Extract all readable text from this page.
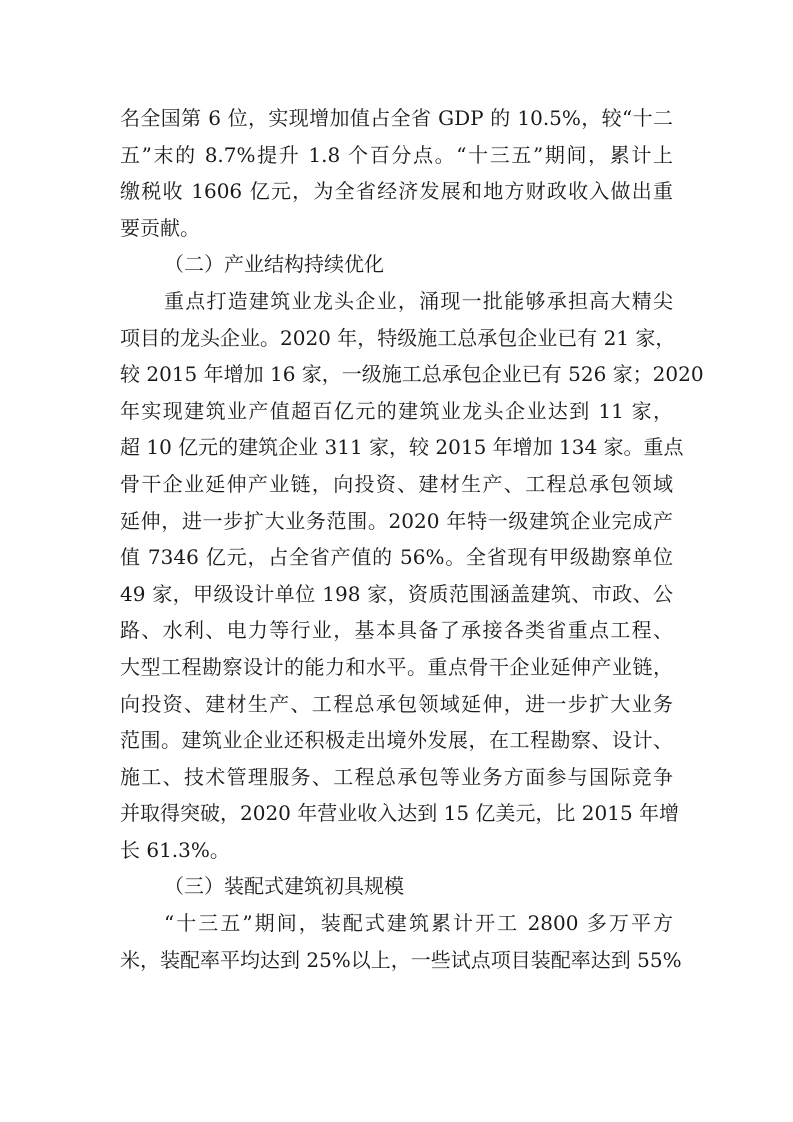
名全国第 6 位，实现增加值占全省 GDP 的 10.5%，较“十二
五”末的 8.7%提升 1.8 个百分点。“十三五”期间，累计上
缴税收 1606 亿元，为全省经济发展和地方财政收入做出重
要贡献。
（二）产业结构持续优化
重点打造建筑业龙头企业，涌现一批能够承担高大精尖
项目的龙头企业。2020 年，特级施工总承包企业已有 21 家，
较 2015 年增加 16 家，一级施工总承包企业已有 526 家；2020
年实现建筑业产值超百亿元的建筑业龙头企业达到 11 家，
超 10 亿元的建筑企业 311 家，较 2015 年增加 134 家。重点
骨干企业延伸产业链，向投资、建材生产、工程总承包领域
延伸，进一步扩大业务范围。2020 年特一级建筑企业完成产
值 7346 亿元，占全省产值的 56%。全省现有甲级勘察单位
49 家，甲级设计单位 198 家，资质范围涵盖建筑、市政、公
路、水利、电力等行业，基本具备了承接各类省重点工程、
大型工程勘察设计的能力和水平。重点骨干企业延伸产业链，
向投资、建材生产、工程总承包领域延伸，进一步扩大业务
范围。建筑业企业还积极走出境外发展，在工程勘察、设计、
施工、技术管理服务、工程总承包等业务方面参与国际竞争
并取得突破，2020 年营业收入达到 15 亿美元，比 2015 年增
长 61.3%。
（三）装配式建筑初具规模
“十三五”期间，装配式建筑累计开工 2800 多万平方
米，装配率平均达到 25%以上，一些试点项目装配率达到 55%
